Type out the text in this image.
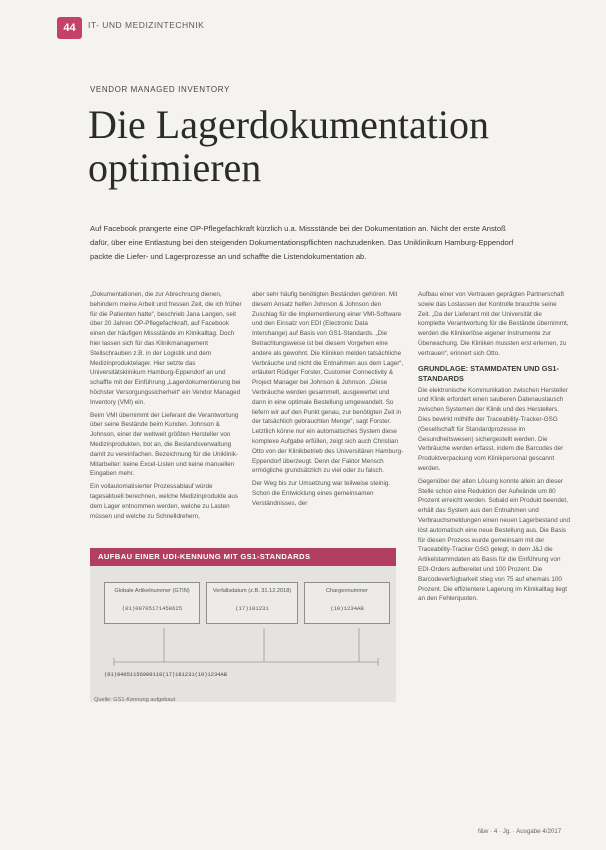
44	IT- UND MEDIZINTECHNIK
VENDOR MANAGED INVENTORY
Die Lagerdokumentation
optimieren
Auf Facebook prangerte eine OP-Pflegefachkraft kürzlich u.a. Missstände bei der Dokumentation an. Nicht der erste Anstoß dafür, über eine Entlastung bei den steigenden Dokumentationspflichten nachzudenken. Das Uniklinikum Hamburg-Eppendorf packte die Liefer- und Lagerprozesse an und schaffte die Listendokumentation ab.

„Dokumentationen, die zur Abrechnung dienen, behindern meine Arbeit und fressen Zeit, die ich früher für die Patienten hatte“, beschrieb Jana Langen, seit über 20 Jahren OP-Pflegefachkraft, auf Facebook einen der häufigen Missstände im Klinikalltag. Doch hier lassen sich für das Klinikmanagement Stellschrauben z.B. in der Logistik und dem Medizinproduktelager. Hier setzte das Universitätsklinikum Hamburg-Eppendorf an und schaffte mit der Einführung „Lagerdokumentierung bei höchster Versorgungssicherheit“ ein Vendor Managed Inventory (VMI) ein.

Beim VMI übernimmt der Lieferant die Verantwortung über seine Bestände beim Kunden. Johnson & Johnson, einer der weltweit größten Hersteller von Medizinprodukten, bot an, die Bestandsverwaltung damit zu vereinfachen. Bezeichnung für die Uniklinik-Mitarbeiter: keine Excel-Listen und keine manuellen Eingaben mehr.

Ein vollautomatisierter Prozessablauf würde tagesaktuell berechnen, welche Medizinprodukte aus dem Lager entnommen werden, welche zu Lasten müssen und welche zu Schnelldrehern,

aber sehr häufig benötigten Beständen gehören. Mit diesem Ansatz helfen Johnson & Johnson den Zuschlag für die Implementierung einer VMI-Software und den Einsatz von EDI (Electronic Data Interchange) auf Basis von GS1-Standards. „Die Betrachtungsweise ist bei diesem Vorgehen eine andere als gewohnt. Die Kliniken melden tatsächliche Verbräuche und nicht die Entnahmen aus dem Lager“, erläutert Rüdiger Forster, Customer Connectivity & Project Manager bei Johnson & Johnson. „Diese Verbräuche werden gesammelt, ausgewertet und dann in eine optimale Bestellung umgewandelt. So liefern wir auf den Punkt genau, zur benötigten Zeit in der tatsächlich gebrauchten Menge“, sagt Forster. Letztlich könne nur ein automatisches System diese komplexe Aufgabe erfüllen, zeigt sich auch Christian Otto von der Klinikbetrieb des Universitären Hamburg-Eppendorf überzeugt. Denn der Faktor Mensch ermögliche grundsätzlich zu viel oder zu falsch.

Der Weg bis zur Umsetzung war teilweise steinig. Schon die Entwicklung eines gemeinsamen Verständnisses, der

Aufbau einer von Vertrauen geprägten Partnerschaft sowie das Loslassen der Kontrolle brauchte seine Zeit. „Da der Lieferant mit der Universität die komplette Verantwortung für die Bestände übernimmt, werden die Klinikerlöse eigener Instrumente zur Überwachung. Die Kliniken mussten erst erlernen, zu vertrauen“, erinnert sich Otto.

GRUNDLAGE: STAMMDATEN UND GS1-STANDARDS

Die elektronische Kommunikation zwischen Hersteller und Klinik erfordert einen sauberen Datenaustausch zwischen Systemen der Klinik und des Herstellers. Dies bewirkt mithilfe der Traceability-Tracker-GSG (Gesellschaft für Standardprozesse im Gesundheitswesen) sichergestellt werden. Die Verbräuche werden erfasst, indem die Barcodes der Produktverpackung vom Klinikpersonal gescannt werden.

Gegenüber der alten Lösung konnte allein an dieser Stelle schon eine Reduktion der Aufwände um 80 Prozent erreicht werden. Sobald ein Produkt beendet, erhält das System aus den Entnahmen und Verbrauchsmeldungen einen neuen Lagerbestand und löst automatisch eine neue Bestellung aus. Die Basis für diesen Prozess wurde gemeinsam mit der Traceability-Tracker GSG gelegt, in dem J&J die Artikelstammdaten als Basis für die Einführung von EDI-Orders aufbereitet und 100 Prozent. Die Barcodeverfügbarkeit stieg von 75 auf ehemals 100 Prozent. Die effizientere Lagerung im Klinikalltag liegt an den Fehlerquoten.

AUFBAU EINER UDI-KENNUNG MIT GS1-STANDARDS
Globale Artikelnummer (GTIN)
(01)00705171458625
Verfallsdatum (z.B. 31.12.2018)
(17)181231
Chargennummer
(10)1234AB
(01)04051156000118(17)181231(10)1234AB
Quelle: GS1-Kennung aufgebaut
f&w · 4 · Jg. · Ausgabe 4/2017
